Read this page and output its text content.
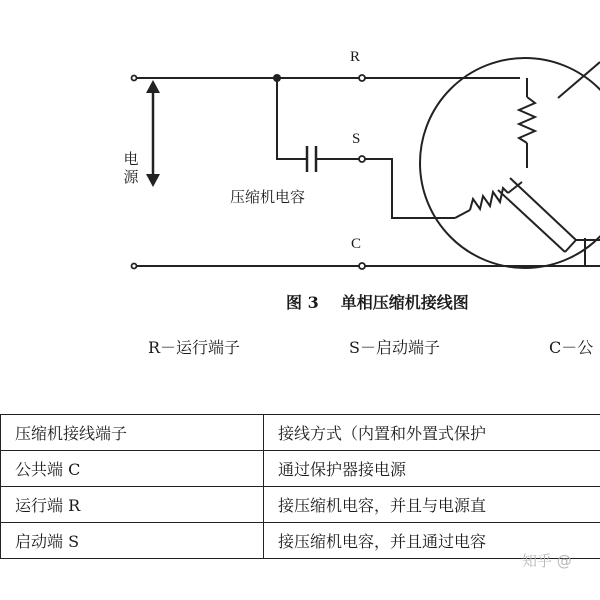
R
S
C
电源
压缩机电容
图 3 单相压缩机接线图
R－运行端子	S－启动端子	C－公
压缩机接线端子	接线方式（内置和外置式保护
公共端 C	通过保护器接电源
运行端 R	接压缩机电容，并且与电源直
启动端 S	接压缩机电容，并且通过电容
知乎 @
